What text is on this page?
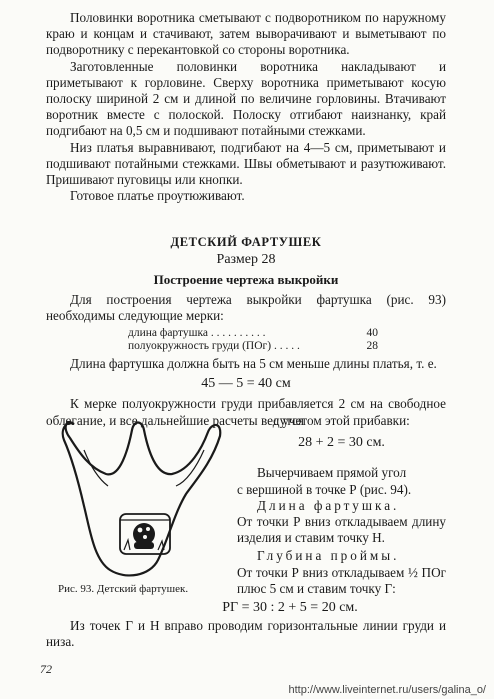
Половинки воротника сметывают с подворотником по наружному краю и концам и стачивают, затем выворачивают и выметывают по подворотнику с перекантовкой со стороны воротника.

Заготовленные половинки воротника накладывают и приметывают к горловине. Сверху воротника приметывают косую полоску шириной 2 см и длиной по величине горловины. Втачивают воротник вместе с полоской. Полоску отгибают наизнанку, край подгибают на 0,5 см и подшивают потайными стежками.

Низ платья выравнивают, подгибают на 4—5 см, приметывают и подшивают потайными стежками. Швы обметывают и разутюживают. Пришивают пуговицы или кнопки.

Готовое платье проутюживают.

ДЕТСКИЙ ФАРТУШЕК

Размер 28

Построение чертежа выкройки

Для построения чертежа выкройки фартушка (рис. 93) необходимы следующие мерки:

длина фартушка . . . . . . . . . .	40
полуокружность груди (ПОг) . . . . .	28

Длина фартушка должна быть на 5 см меньше длины платья, т. е.

45 — 5 = 40 см

К мерке полуокружности груди прибавляется 2 см на свободное облегание, и все дальнейшие расчеты ведутся

с учетом этой прибавки:
28 + 2 = 30 см.
Вычерчиваем прямой угол
с вершиной в точке Р (рис. 94).
Длина фартушка.
От точки Р вниз откладываем длину изделия и ставим точку Н.
Глубина проймы.
От точки Р вниз откладываем ½ ПОг плюс 5 см и ставим точку Г:
Рис. 93. Детский фартушек.
РГ = 30 : 2 + 5 = 20 см.

Из точек Г и Н вправо проводим горизонтальные линии груди и низа.

72
http://www.liveinternet.ru/users/galina_o/
